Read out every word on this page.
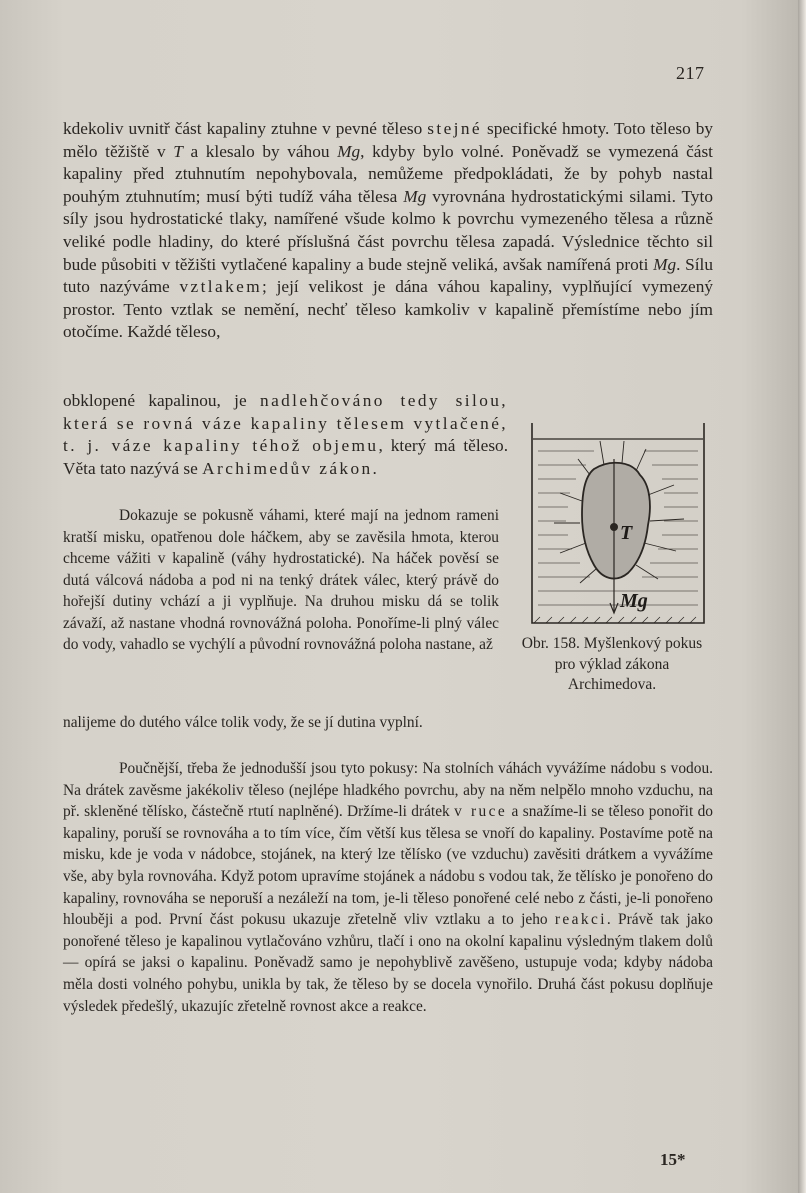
217

kdekoliv uvnitř část kapaliny ztuhne v pevné těleso stejné specifické hmoty. Toto těleso by mělo těžiště v T a klesalo by váhou Mg, kdyby bylo volné. Poněvadž se vymezená část kapaliny před ztuhnutím nepohybovala, nemůžeme předpokládati, že by pohyb nastal pouhým ztuhnutím; musí býti tudíž váha tělesa Mg vyrovnána hydrostatickými silami. Tyto síly jsou hydrostatické tlaky, namířené všude kolmo k povrchu vymezeného tělesa a různě veliké podle hladiny, do které příslušná část povrchu tělesa zapadá. Výslednice těchto sil bude působiti v těžišti vytlačené kapaliny a bude stejně veliká, avšak namířená proti Mg. Sílu tuto nazýváme vztlakem; její velikost je dána váhou kapaliny, vyplňující vymezený prostor. Tento vztlak se nemění, nechť těleso kamkoliv v kapalině přemístíme nebo jím otočíme. Každé těleso,

obklopené kapalinou, je nadlehčováno tedy silou, která se rovná váze kapaliny tělesem vytlačené, t. j. váze kapaliny téhož objemu, který má těleso. Věta tato nazývá se Archimedův zákon.

T
Mg
Obr. 158. Myšlenkový pokus pro výklad zákona Archimedova.

Dokazuje se pokusně váhami, které mají na jednom rameni kratší misku, opatřenou dole háčkem, aby se zavěsila hmota, kterou chceme vážiti v kapalině (váhy hydrostatické). Na háček pověsí se dutá válcová nádoba a pod ni na tenký drátek válec, který právě do hořejší dutiny vchází a ji vyplňuje. Na druhou misku dá se tolik závaží, až nastane vhodná rovnovážná poloha. Ponoříme-li plný válec do vody, vahadlo se vychýlí a původní rovnovážná poloha nastane, až

nalijeme do dutého válce tolik vody, že se jí dutina vyplní.

Poučnější, třeba že jednodušší jsou tyto pokusy: Na stolních váhách vyvážíme nádobu s vodou. Na drátek zavěsme jakékoliv těleso (nejlépe hladkého povrchu, aby na něm nelpělo mnoho vzduchu, na př. skleněné tělísko, částečně rtutí naplněné). Držíme-li drátek v ruce a snažíme-li se těleso ponořit do kapaliny, poruší se rovnováha a to tím více, čím větší kus tělesa se vnoří do kapaliny. Postavíme potě na misku, kde je voda v nádobce, stojánek, na který lze tělísko (ve vzduchu) zavěsiti drátkem a vyvážíme vše, aby byla rovnováha. Když potom upravíme stojánek a nádobu s vodou tak, že tělísko je ponořeno do kapaliny, rovnováha se neporuší a nezáleží na tom, je-li těleso ponořené celé nebo z části, je-li ponořeno hlouběji a pod. První část pokusu ukazuje zřetelně vliv vztlaku a to jeho reakci. Právě tak jako ponořené těleso je kapalinou vytlačováno vzhůru, tlačí i ono na okolní kapalinu výsledným tlakem dolů — opírá se jaksi o kapalinu. Poněvadž samo je nepohyblivě zavěšeno, ustupuje voda; kdyby nádoba měla dosti volného pohybu, unikla by tak, že těleso by se docela vynořilo. Druhá část pokusu doplňuje výsledek předešlý, ukazujíc zřetelně rovnost akce a reakce.

15*
